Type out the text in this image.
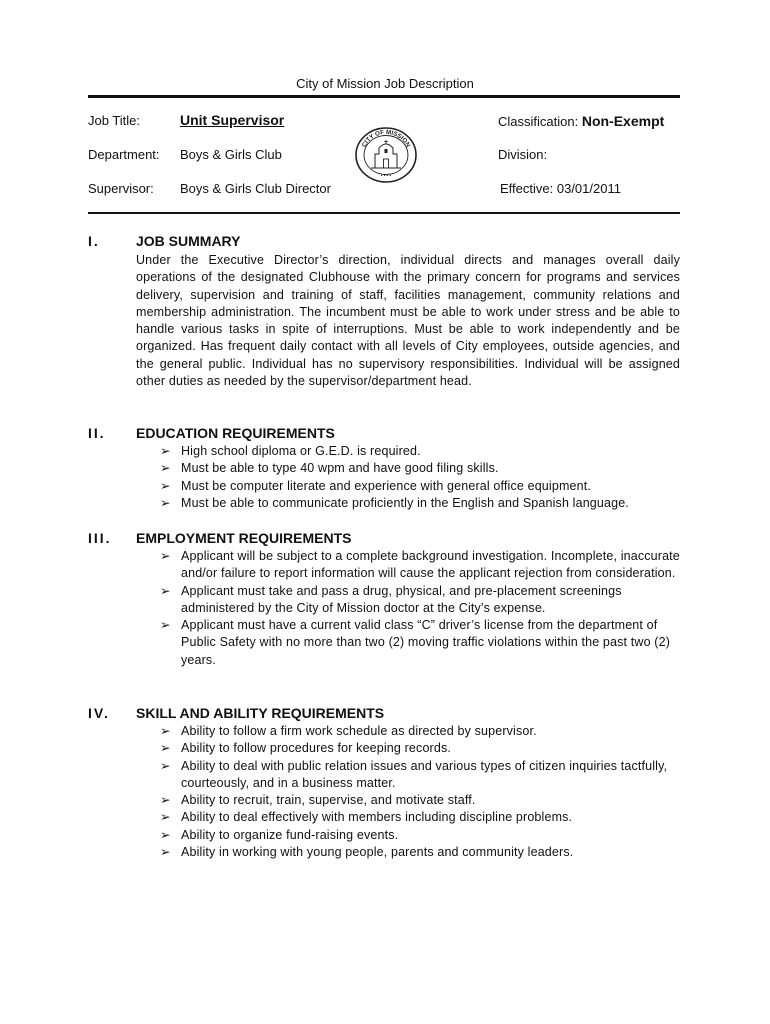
City of Mission Job Description
Job Title:	Unit Supervisor	Classification: Non-Exempt
Department: Boys & Girls Club	Division:
Supervisor: Boys & Girls Club Director	Effective: 03/01/2011
CITY OF MISSION
• • • •
I.	JOB SUMMARY
Under the Executive Director’s direction, individual directs and manages overall daily operations of the designated Clubhouse with the primary concern for programs and services delivery, supervision and training of staff, facilities management, community relations and membership administration. The incumbent must be able to work under stress and be able to handle various tasks in spite of interruptions. Must be able to work independently and be organized. Has frequent daily contact with all levels of City employees, outside agencies, and the general public. Individual has no supervisory responsibilities. Individual will be assigned other duties as needed by the supervisor/department head.
II. EDUCATION REQUIREMENTS
➢ High school diploma or G.E.D. is required.
➢ Must be able to type 40 wpm and have good filing skills.
➢ Must be computer literate and experience with general office equipment.
➢ Must be able to communicate proficiently in the English and Spanish language.
III. EMPLOYMENT REQUIREMENTS
➢ Applicant will be subject to a complete background investigation. Incomplete, inaccurate and/or failure to report information will cause the applicant rejection from consideration.
➢ Applicant must take and pass a drug, physical, and pre-placement screenings administered by the City of Mission doctor at the City’s expense.
➢ Applicant must have a current valid class “C” driver’s license from the department of Public Safety with no more than two (2) moving traffic violations within the past two (2) years.
IV. SKILL AND ABILITY REQUIREMENTS
➢ Ability to follow a firm work schedule as directed by supervisor.
➢ Ability to follow procedures for keeping records.
➢ Ability to deal with public relation issues and various types of citizen inquiries tactfully, courteously, and in a business matter.
➢ Ability to recruit, train, supervise, and motivate staff.
➢ Ability to deal effectively with members including discipline problems.
➢ Ability to organize fund-raising events.
➢ Ability in working with young people, parents and community leaders.
